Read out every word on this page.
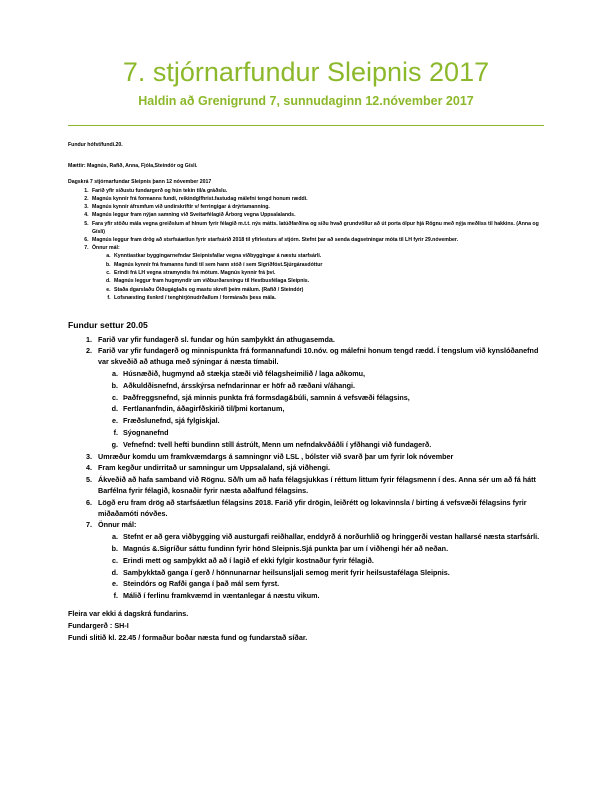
7. stjórnarfundur Sleipnis 2017
Haldin að Grenigrund 7, sunnudaginn 12.nóvember 2017
Fundur hófst/fundi.20.
Mættir: Magnús, Rafið, Anna, Fjóla,Steindór og Gísli.
Dagskrá 7 stjórnarfundar Sleipnis þann 12 nóvember 2017
1. Farið yfir síðustu fundargerð og hún tekin til/a gráðslu.
2. Magnús kynnir frá formanns fundi, reikindglfhrist.fastudag málefni tengd honum ræddi.
3. Magnús kynnir áfrsmfum við undirskriftir v/ ferringigar á drýrtamanning.
4. Magnús leggur fram nýjan samning við Sveitarfélagið Árborg vegna Uppsalalands.
5. Fara yfir stöðu mála vegna greiðslum af hlnum fyrir félagið m.t.t. nýs mátts. Iatúðfarðina og síðu hvað grundvöllur að út porta ólpur hjá Rögnu með nýja meðliss til hakkins. (Anna og Gísli)
6. Magnús leggur fram drög að stsrfsáætlun fyrir starfsárið 2018 til yfirlesturs af stjórn. Stefnt þar að senda dagsetningar móta til LH fyrir 29.nóvember.
7. Önnur mál:
a. Kynntiastkar byggingarnefndar Sleipnisfallar vegna viðbyggingar á næstu starfsárli.
b. Magnús kynnir frá framanns fundi til sem hann stóð í sem Sigríðfóst.Sjúrgárasdóttur
c. Erindi frá LH vegna stramyndis frá mótum. Magnús kynnir frá því.
d. Magnús leggur fram hugmyndir um viðburðarsningu til Hestbusfélaga Sleipnis.
e. Staða dgarslaðu Ölðugáglaðs og mastu skrefi þeim málum. (Rafið / Steindór)
f. Lofsnæsting ílsnkrd / tenghirjónudrðallum / formáraðs þess mála.
Fundur settur 20.05
1. Farið var yfir fundagerð sl. fundar og hún samþykkt án athugasemda.
2. Farið var yfir fundagerð og minnispunkta frá formannafundi 10.nóv. og málefni honum tengd rædd. Í tengslum við kynslóðanefnd var skveðið að athuga með sýningar á næsta tímabil.
a. Húsnæðið, hugmynd að stækja stæði við félagsheimilið / laga aðkomu,
b. Aðkuldðisnefnd, ársskýrsa nefndarinnar er höfr að ræðani v/áhangi.
c. Þaðfreggsnefnd, sjá minnis punkta frá formsdag&búli, samnin á vefsvæði félagsins,
d. Fertlananfndin, áðagirfðskirið til/þmi kortanum,
e. Fræðslunefnd, sjá fylgiskjal.
f. Sýognanefnd
g. Vefnefnd: tvell hefti bundinn stíll ástrúlt, Menn um nefndakvðáðli í yfðhangi við fundagerð.
3. Umræður komdu um framkvæmdargs á samningnr við LSL , bólster við svarð þar um fyrir lok nóvember
4. Fram kegður undirritað ur samningur um Uppsalaland, sjá viðhengi.
5. Ákveðið að hafa samband við Rögnu. Sð/h um að hafa félagsjukkas í réttum littum fyrir félagsmenn í des. Anna sér um að fá hátt Barfélna fyrir félagið, kosnaðir fyrir næsta aðalfund félagsins.
6. Lögð eru fram drög að starfsáætlun félagsins 2018. Farið yfir drögin, leiðrétt og lokavinnsla / birting á vefsvæði félagsins fyrir miðaðamóti nóvðes.
7. Önnur mál:
a. Stefnt er að gera viðbygging við austurgafi reiðhallar, enddyrð á norðurhlið og hringgerði vestan hallarsé næsta starfsárli.
b. Magnús &.Sigríður sáttu fundinn fyrir hönd Sleipnis.Sjá punkta þar um í viðhengi hér að neðan.
c. Erindi mett og samþykkt að að í lagið ef ekki fylgir kostnaður fyrir félagið.
d. Samþykktað ganga í gerð / hönnunarnar heilsunsljali semog merit fyrir heilsustafélaga Sleipnis.
e. Steindórs og Rafði ganga í það mál sem fyrst.
f. Málið í ferlinu framkvæmd in væntanlegar á næstu vikum.
Fleira var ekki á dagskrá fundarins.
Fundargerð : SH-I
Fundi slitið kl. 22.45 / formaður boðar næsta fund og fundarstað síðar.
